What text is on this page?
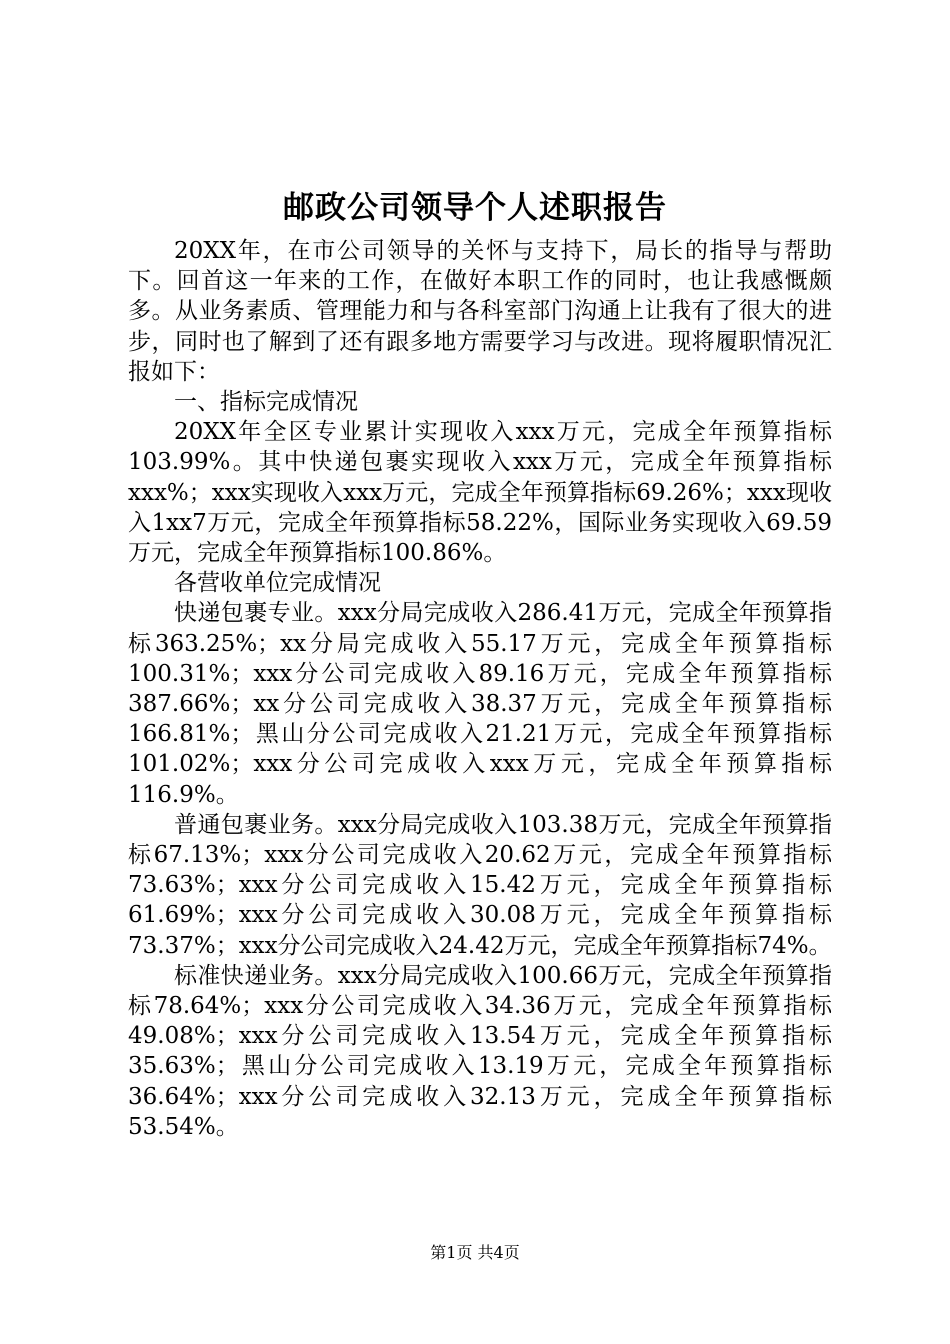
邮政公司领导个人述职报告

20XX年，在市公司领导的关怀与支持下，局长的指导与帮助下。回首这一年来的工作，在做好本职工作的同时，也让我感慨颇多。从业务素质、管理能力和与各科室部门沟通上让我有了很大的进步，同时也了解到了还有跟多地方需要学习与改进。现将履职情况汇报如下：

一、指标完成情况

20XX年全区专业累计实现收入xxx万元，完成全年预算指标103.99%。其中快递包裹实现收入xxx万元，完成全年预算指标xxx%；xxx实现收入xxx万元，完成全年预算指标69.26%；xxx现收入1xx7万元，完成全年预算指标58.22%，国际业务实现收入69.59万元，完成全年预算指标100.86%。

各营收单位完成情况

快递包裹专业。xxx分局完成收入286.41万元，完成全年预算指标363.25%；xx分局完成收入55.17万元，完成全年预算指标100.31%；xxx分公司完成收入89.16万元，完成全年预算指标387.66%；xx分公司完成收入38.37万元，完成全年预算指标166.81%；黑山分公司完成收入21.21万元，完成全年预算指标101.02%；xxx分公司完成收入xxx万元，完成全年预算指标116.9%。

普通包裹业务。xxx分局完成收入103.38万元，完成全年预算指标67.13%；xxx分公司完成收入20.62万元，完成全年预算指标73.63%；xxx分公司完成收入15.42万元，完成全年预算指标61.69%；xxx分公司完成收入30.08万元，完成全年预算指标73.37%；xxx分公司完成收入24.42万元，完成全年预算指标74%。

标准快递业务。xxx分局完成收入100.66万元，完成全年预算指标78.64%；xxx分公司完成收入34.36万元，完成全年预算指标49.08%；xxx分公司完成收入13.54万元，完成全年预算指标35.63%；黑山分公司完成收入13.19万元，完成全年预算指标36.64%；xxx分公司完成收入32.13万元，完成全年预算指标53.54%。

第1页 共4页
